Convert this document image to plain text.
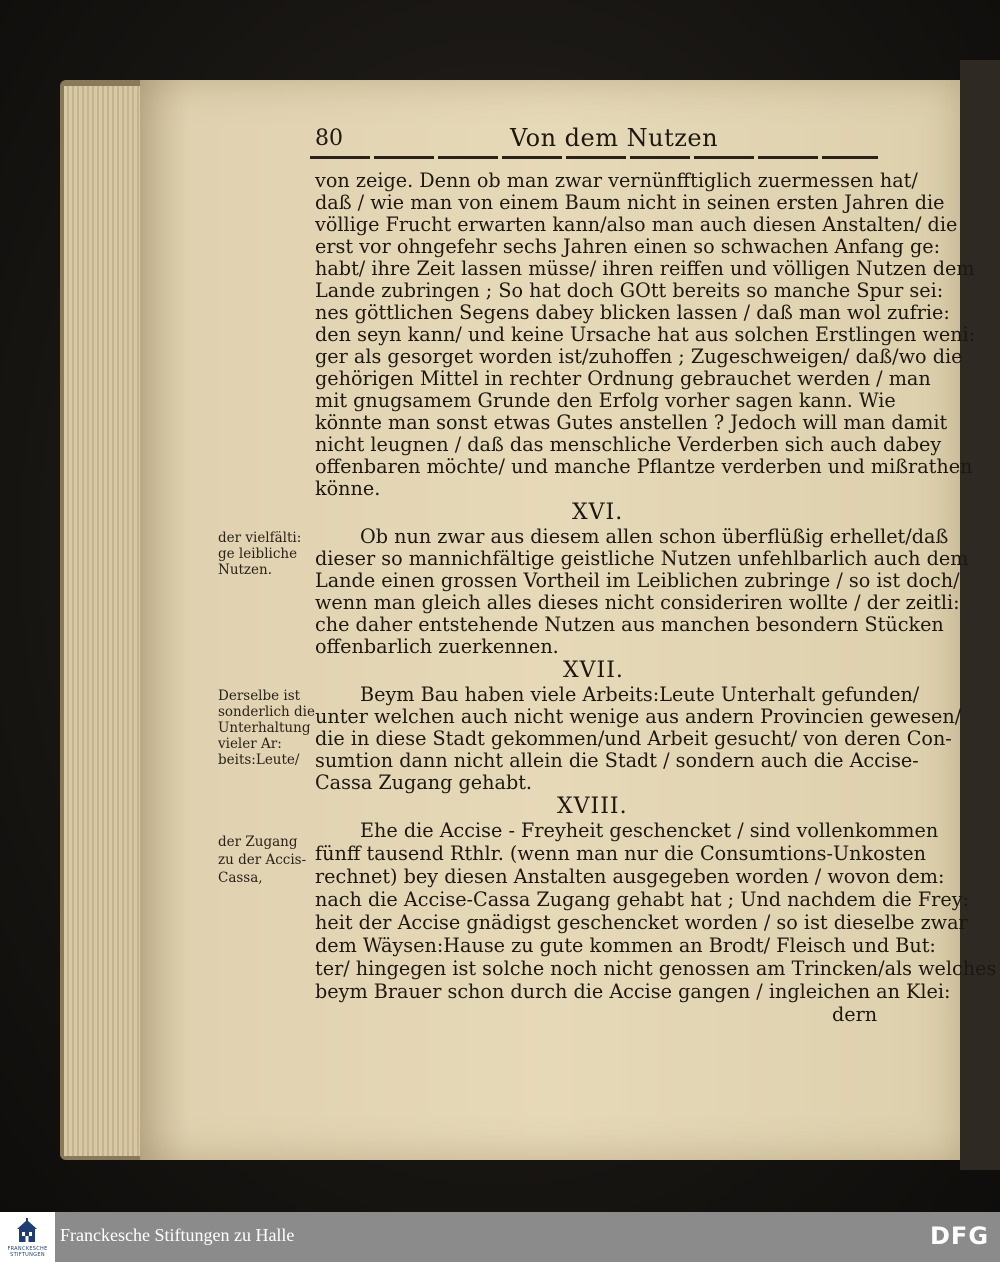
80	Von dem Nutzen
von zeige. Denn ob man zwar vernünfftiglich zuermessen hat/
daß / wie man von einem Baum nicht in seinen ersten Jahren die
völlige Frucht erwarten kann/also man auch diesen Anstalten/ die
erst vor ohngefehr sechs Jahren einen so schwachen Anfang ge:
habt/ ihre Zeit lassen müsse/ ihren reiffen und völligen Nutzen dem
Lande zubringen ; So hat doch GOtt bereits so manche Spur sei:
nes göttlichen Segens dabey blicken lassen / daß man wol zufrie:
den seyn kann/ und keine Ursache hat aus solchen Erstlingen weni:
ger als gesorget worden ist/zuhoffen ; Zugeschweigen/ daß/wo die
gehörigen Mittel in rechter Ordnung gebrauchet werden / man
mit gnugsamem Grunde den Erfolg vorher sagen kann. Wie
könnte man sonst etwas Gutes anstellen ? Jedoch will man damit
nicht leugnen / daß das menschliche Verderben sich auch dabey
offenbaren möchte/ und manche Pflantze verderben und mißrathen
könne.
XVI.
der vielfälti:
ge leibliche
Nutzen.
Ob nun zwar aus diesem allen schon überflüßig erhellet/daß
dieser so mannichfältige geistliche Nutzen unfehlbarlich auch dem
Lande einen grossen Vortheil im Leiblichen zubringe / so ist doch/
wenn man gleich alles dieses nicht consideriren wollte / der zeitli:
che daher entstehende Nutzen aus manchen besondern Stücken
offenbarlich zuerkennen.
XVII.
Derselbe ist
sonderlich die
Unterhaltung
vieler Ar:
beits:Leute/
Beym Bau haben viele Arbeits:Leute Unterhalt gefunden/
unter welchen auch nicht wenige aus andern Provincien gewesen/
die in diese Stadt gekommen/und Arbeit gesucht/ von deren Con-
sumtion dann nicht allein die Stadt / sondern auch die Accise-
Cassa Zugang gehabt.
XVIII.
der Zugang
zu der Accis-
Cassa,
Ehe die Accise - Freyheit geschencket / sind vollenkommen
fünff tausend Rthlr. (wenn man nur die Consumtions-Unkosten
rechnet) bey diesen Anstalten ausgegeben worden / wovon dem:
nach die Accise-Cassa Zugang gehabt hat ; Und nachdem die Frey:
heit der Accise gnädigst geschencket worden / so ist dieselbe zwar
dem Wäysen:Hause zu gute kommen an Brodt/ Fleisch und But:
ter/ hingegen ist solche noch nicht genossen am Trincken/als welches
beym Brauer schon durch die Accise gangen / ingleichen an Klei:
dern
FRANCKESCHE STIFTUNGEN
Franckesche Stiftungen zu Halle	DFG
